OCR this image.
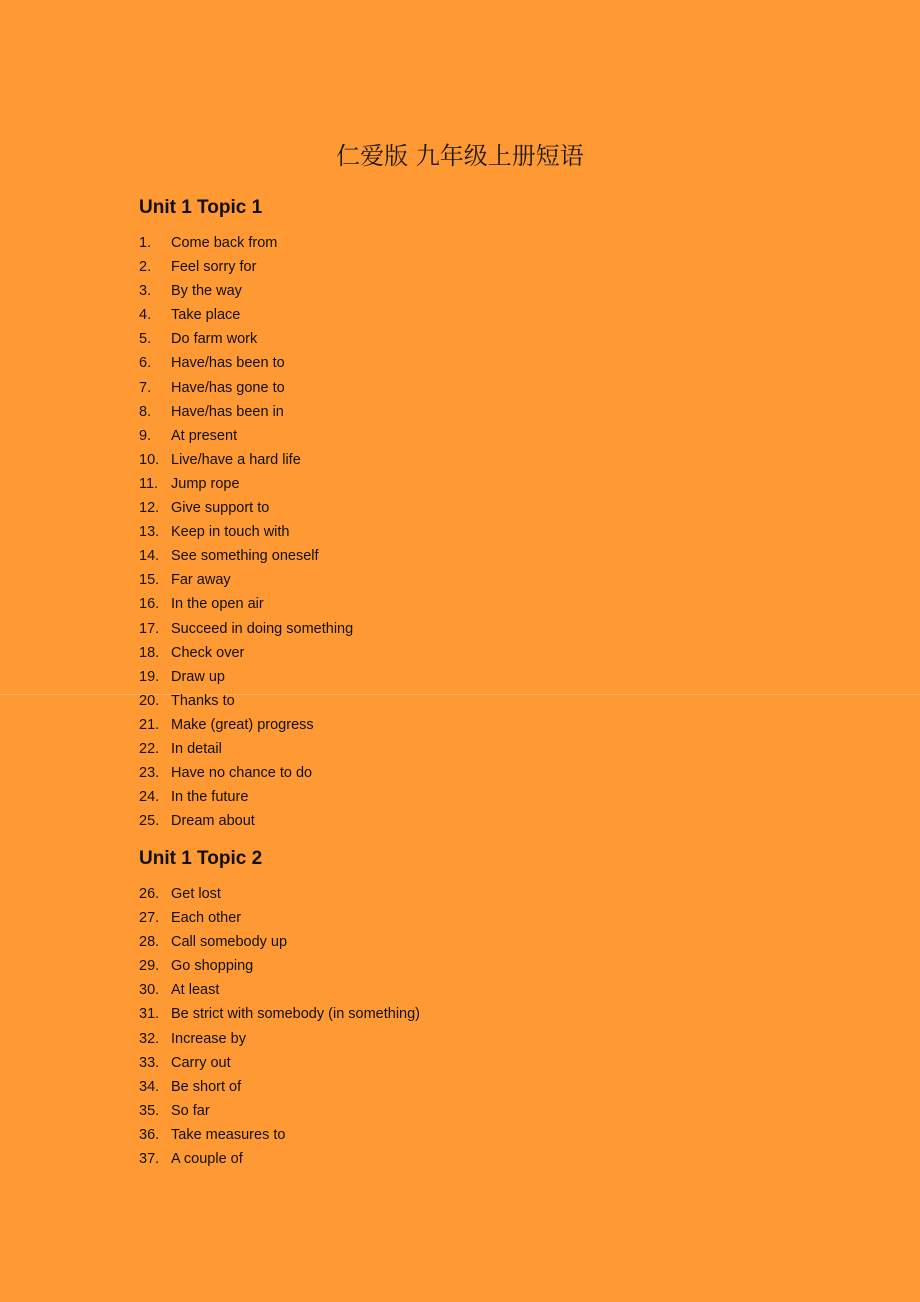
仁爱版 九年级上册短语
Unit 1 Topic 1
1.	Come back from
2.	Feel sorry for
3.	By the way
4.	Take place
5.	Do farm work
6.	Have/has been to
7.	Have/has gone to
8.	Have/has been in
9.	At present
10. Live/have a hard life
11. Jump rope
12. Give support to
13. Keep in touch with
14. See something oneself
15. Far away
16. In the open air
17. Succeed in doing something
18. Check over
19. Draw up
20. Thanks to
21. Make (great) progress
22. In detail
23. Have no chance to do
24. In the future
25. Dream about
Unit 1 Topic 2
26. Get lost
27. Each other
28. Call somebody up
29. Go shopping
30. At least
31. Be strict with somebody (in something)
32. Increase by
33. Carry out
34. Be short of
35. So far
36. Take measures to
37. A couple of
